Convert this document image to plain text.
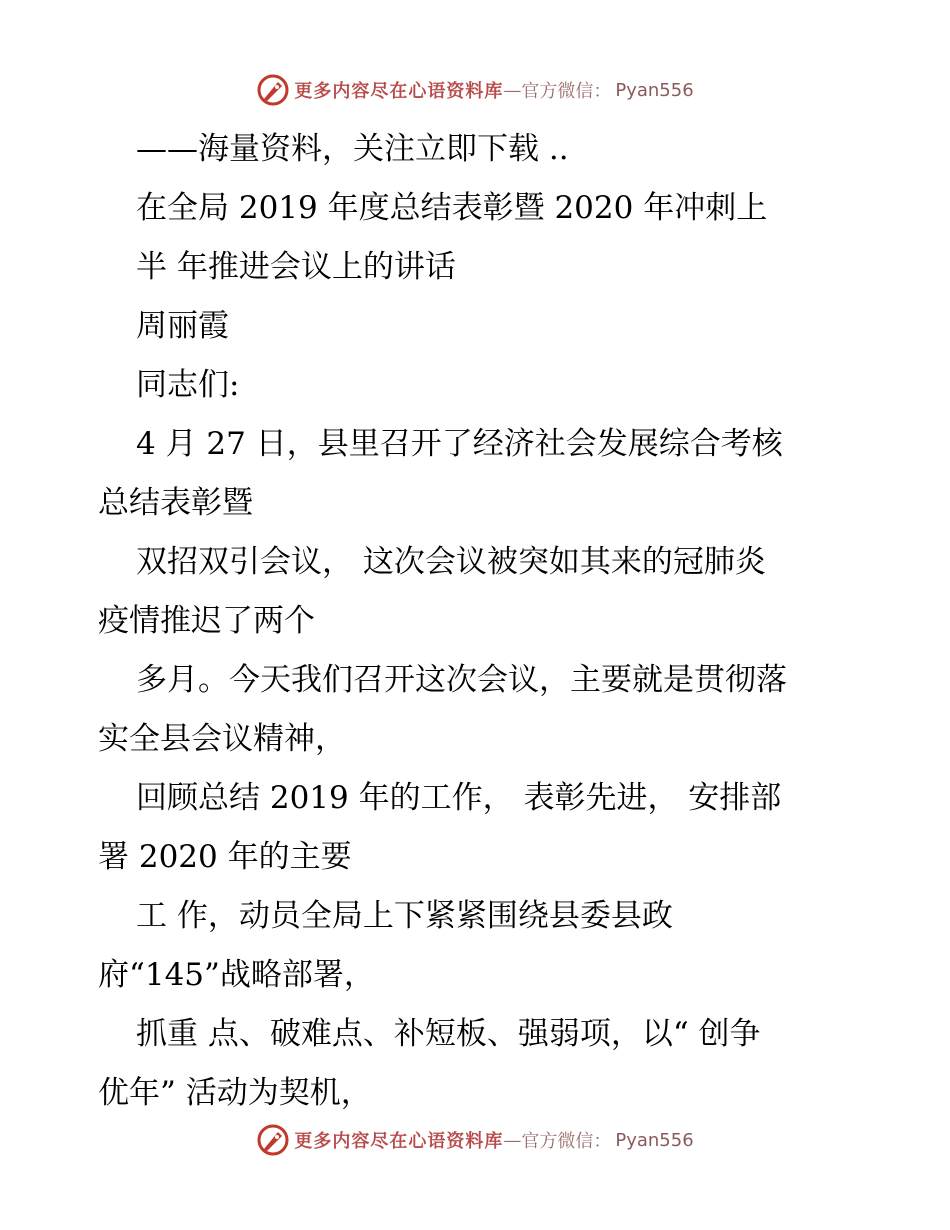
更多内容尽在心语资料库 — 官方微信： Pyan556
——海量资料，关注立即下载 ..
在全局 2019 年度总结表彰暨 2020 年冲刺上
半 年推进会议上的讲话
周丽霞
同志们:
4 月 27 日，县里召开了经济社会发展综合考核
总结表彰暨
双招双引会议， 这次会议被突如其来的冠肺炎
疫情推迟了两个
多月。今天我们召开这次会议，主要就是贯彻落
实全县会议精神，
回顾总结 2019 年的工作， 表彰先进， 安排部
署 2020 年的主要
工 作，动员全局上下紧紧围绕县委县政
府“145”战略部署，
抓重 点、破难点、补短板、强弱项，以“ 创争
优年” 活动为契机，
更多内容尽在心语资料库 — 官方微信： Pyan556
